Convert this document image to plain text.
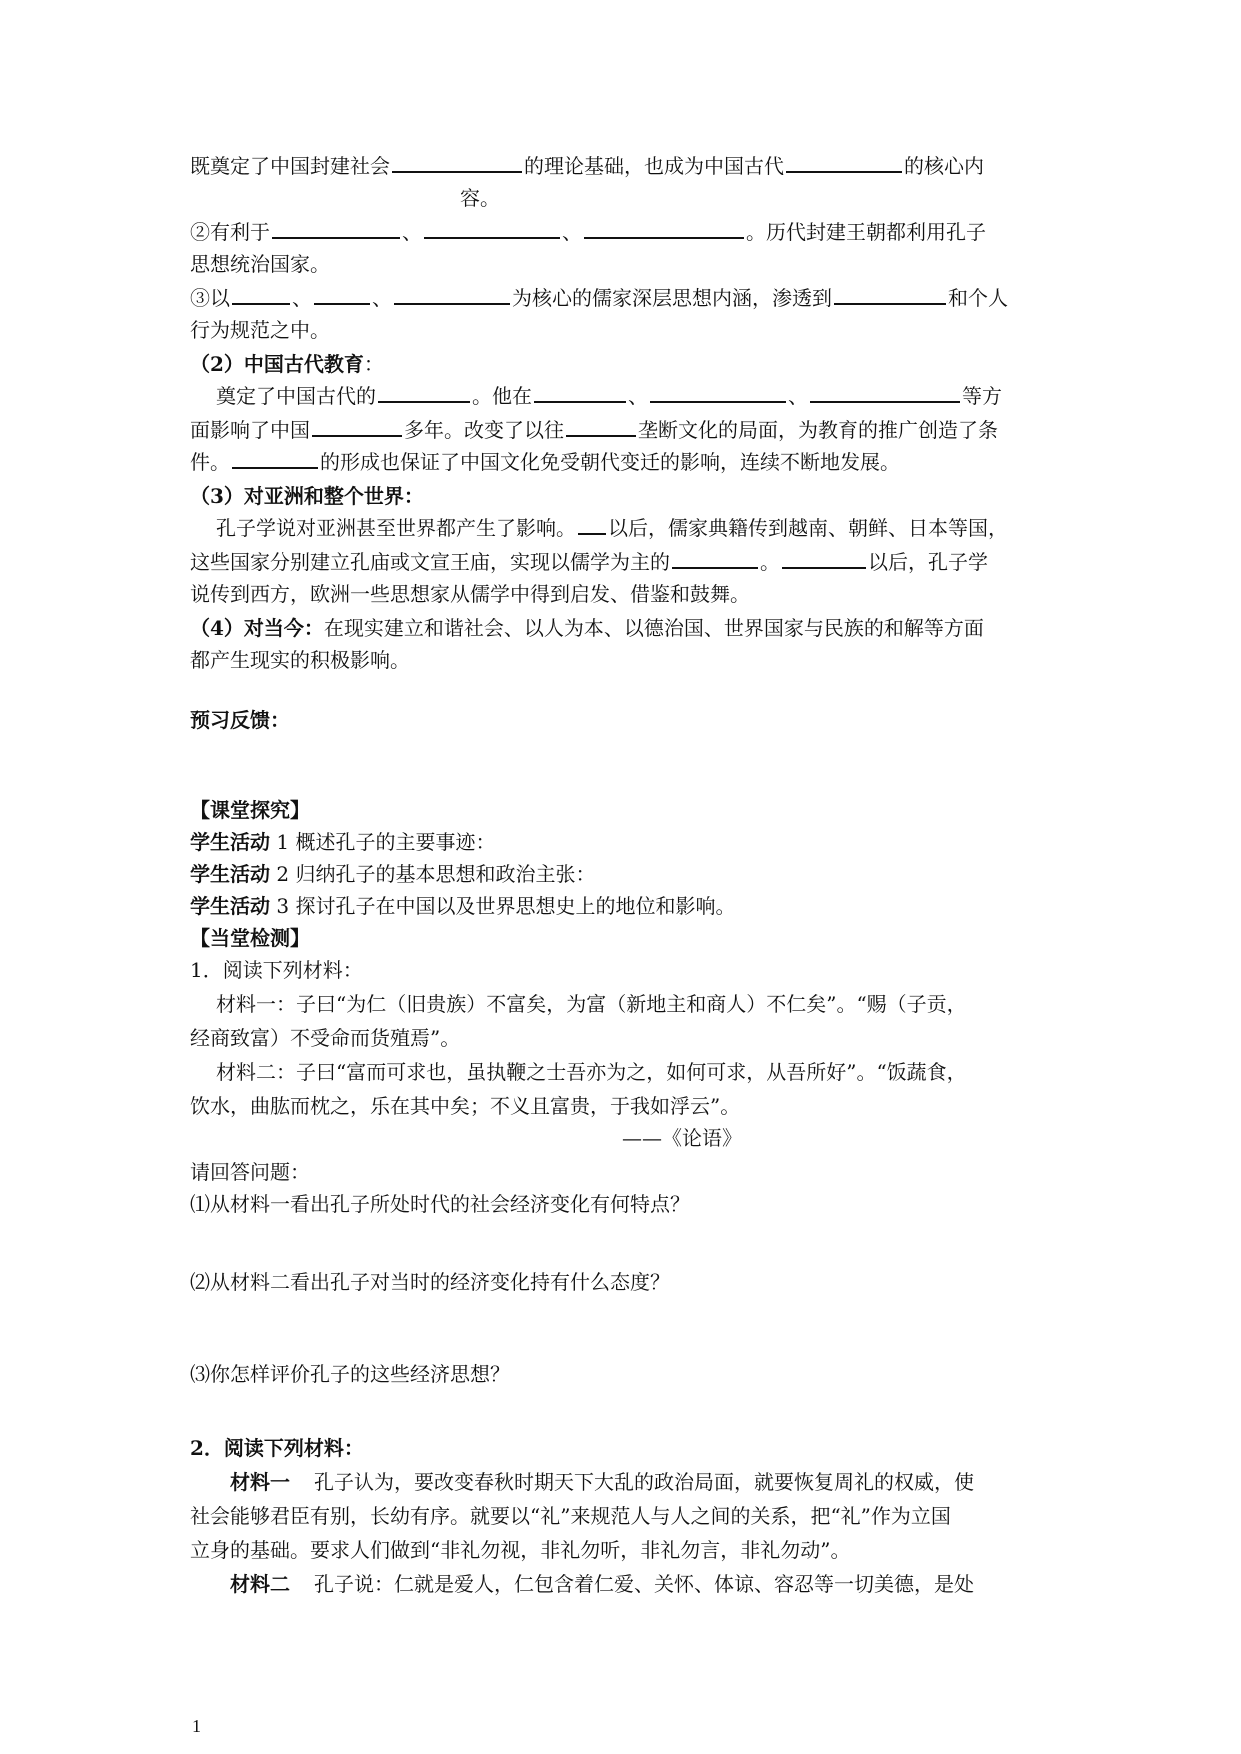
既奠定了中国封建社会	的理论基础，也成为中国古代	的核心内
容。
②有利于	、	、	。历代封建王朝都利用孔子
思想统治国家。
③以	、	、	为核心的儒家深层思想内涵，渗透到	和个人
行为规范之中。
（2）中国古代教育：
奠定了中国古代的	。他在	、	、	等方
面影响了中国	多年。改变了以往	垄断文化的局面，为教育的推广创造了条
件。	的形成也保证了中国文化免受朝代变迁的影响，连续不断地发展。
（3）对亚洲和整个世界：
孔子学说对亚洲甚至世界都产生了影响。 以后，儒家典籍传到越南、朝鲜、日本等国，
这些国家分别建立孔庙或文宣王庙，实现以儒学为主的	。	以后，孔子学
说传到西方，欧洲一些思想家从儒学中得到启发、借鉴和鼓舞。
（4）对当今：在现实建立和谐社会、以人为本、以德治国、世界国家与民族的和解等方面
都产生现实的积极影响。
预习反馈：
【课堂探究】
学生活动 1 概述孔子的主要事迹：
学生活动 2 归纳孔子的基本思想和政治主张：
学生活动 3 探讨孔子在中国以及世界思想史上的地位和影响。
【当堂检测】
1．阅读下列材料：
材料一：子曰“为仁（旧贵族）不富矣，为富（新地主和商人）不仁矣”。“赐（子贡，
经商致富）不受命而货殖焉”。
材料二：子曰“富而可求也，虽执鞭之士吾亦为之，如何可求，从吾所好”。“饭蔬食，
饮水，曲肱而枕之，乐在其中矣；不义且富贵，于我如浮云”。
——《论语》
请回答问题：
⑴从材料一看出孔子所处时代的社会经济变化有何特点？
⑵从材料二看出孔子对当时的经济变化持有什么态度？
⑶你怎样评价孔子的这些经济思想？
2．阅读下列材料：
材料一 孔子认为，要改变春秋时期天下大乱的政治局面，就要恢复周礼的权威，使
社会能够君臣有别，长幼有序。就要以“礼”来规范人与人之间的关系，把“礼”作为立国
立身的基础。要求人们做到“非礼勿视，非礼勿听，非礼勿言，非礼勿动”。
材料二 孔子说：仁就是爱人，仁包含着仁爱、关怀、体谅、容忍等一切美德，是处
1
